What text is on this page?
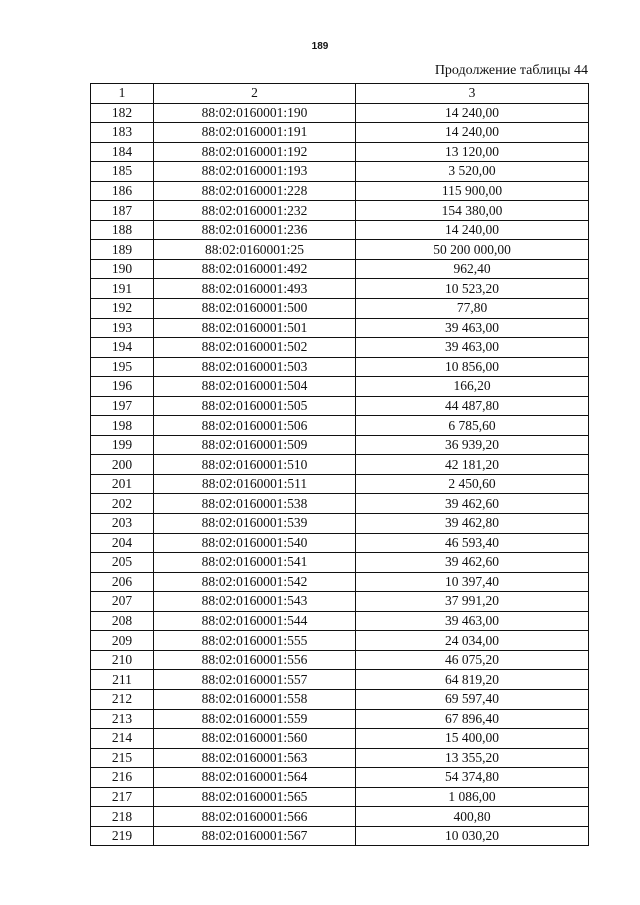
189
Продолжение таблицы 44
1	2	3
182	88:02:0160001:190	14 240,00
183	88:02:0160001:191	14 240,00
184	88:02:0160001:192	13 120,00
185	88:02:0160001:193	3 520,00
186	88:02:0160001:228	115 900,00
187	88:02:0160001:232	154 380,00
188	88:02:0160001:236	14 240,00
189	88:02:0160001:25	50 200 000,00
190	88:02:0160001:492	962,40
191	88:02:0160001:493	10 523,20
192	88:02:0160001:500	77,80
193	88:02:0160001:501	39 463,00
194	88:02:0160001:502	39 463,00
195	88:02:0160001:503	10 856,00
196	88:02:0160001:504	166,20
197	88:02:0160001:505	44 487,80
198	88:02:0160001:506	6 785,60
199	88:02:0160001:509	36 939,20
200	88:02:0160001:510	42 181,20
201	88:02:0160001:511	2 450,60
202	88:02:0160001:538	39 462,60
203	88:02:0160001:539	39 462,80
204	88:02:0160001:540	46 593,40
205	88:02:0160001:541	39 462,60
206	88:02:0160001:542	10 397,40
207	88:02:0160001:543	37 991,20
208	88:02:0160001:544	39 463,00
209	88:02:0160001:555	24 034,00
210	88:02:0160001:556	46 075,20
211	88:02:0160001:557	64 819,20
212	88:02:0160001:558	69 597,40
213	88:02:0160001:559	67 896,40
214	88:02:0160001:560	15 400,00
215	88:02:0160001:563	13 355,20
216	88:02:0160001:564	54 374,80
217	88:02:0160001:565	1 086,00
218	88:02:0160001:566	400,80
219	88:02:0160001:567	10 030,20
